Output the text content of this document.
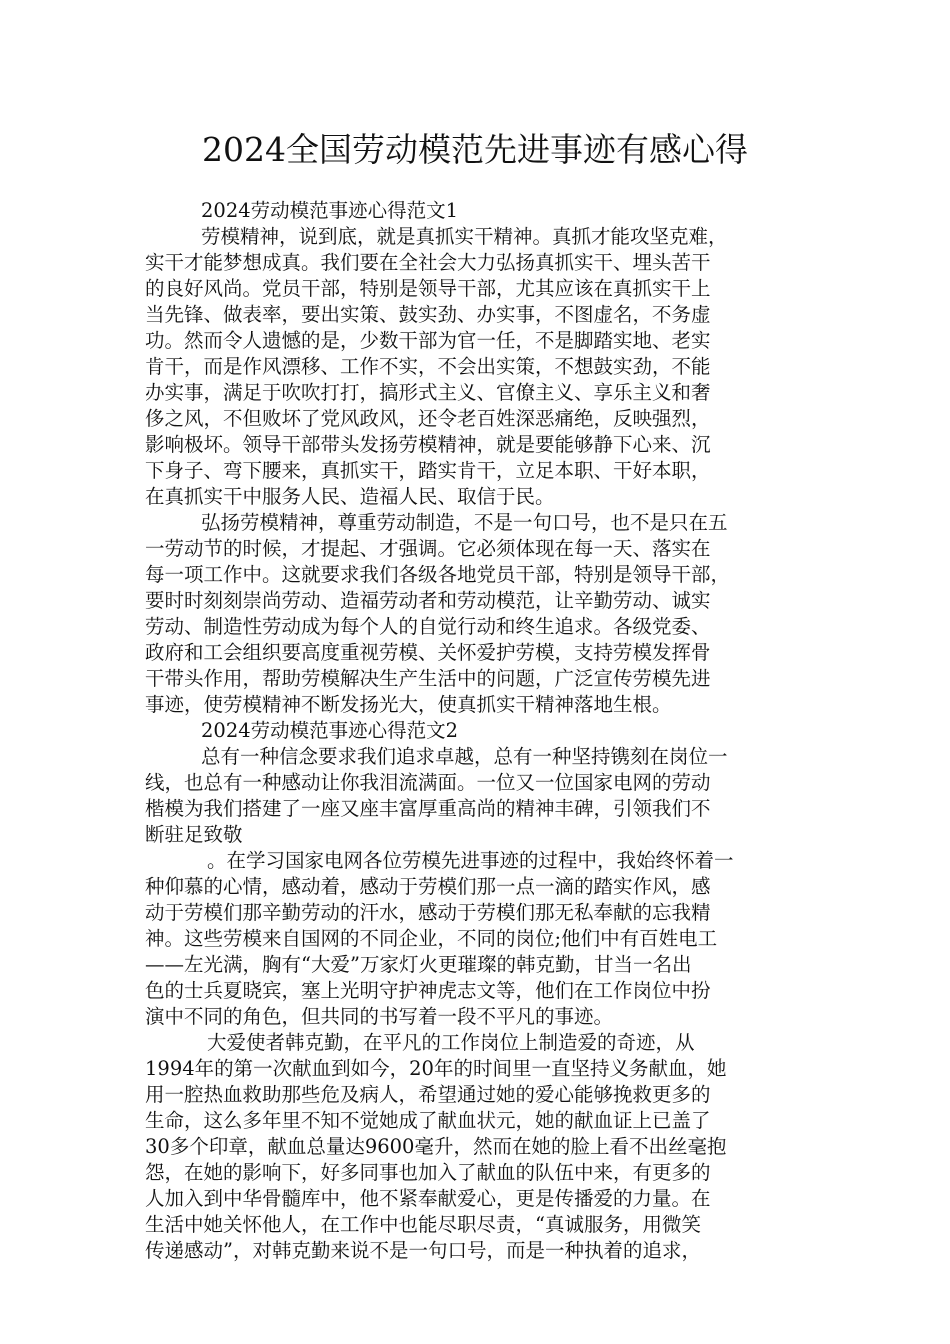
2024全国劳动模范先进事迹有感心得
2024劳动模范事迹心得范文1
劳模精神，说到底，就是真抓实干精神。真抓才能攻坚克难，
实干才能梦想成真。我们要在全社会大力弘扬真抓实干、埋头苦干
的良好风尚。党员干部，特别是领导干部，尤其应该在真抓实干上
当先锋、做表率，要出实策、鼓实劲、办实事，不图虚名，不务虚
功。然而令人遗憾的是，少数干部为官一任，不是脚踏实地、老实
肯干，而是作风漂移、工作不实，不会出实策，不想鼓实劲，不能
办实事，满足于吹吹打打，搞形式主义、官僚主义、享乐主义和奢
侈之风，不但败坏了党风政风，还令老百姓深恶痛绝，反映强烈，
影响极坏。领导干部带头发扬劳模精神，就是要能够静下心来、沉
下身子、弯下腰来，真抓实干，踏实肯干，立足本职、干好本职，
在真抓实干中服务人民、造福人民、取信于民。
弘扬劳模精神，尊重劳动制造，不是一句口号，也不是只在五
一劳动节的时候，才提起、才强调。它必须体现在每一天、落实在
每一项工作中。这就要求我们各级各地党员干部，特别是领导干部，
要时时刻刻崇尚劳动、造福劳动者和劳动模范，让辛勤劳动、诚实
劳动、制造性劳动成为每个人的自觉行动和终生追求。各级党委、
政府和工会组织要高度重视劳模、关怀爱护劳模，支持劳模发挥骨
干带头作用，帮助劳模解决生产生活中的问题，广泛宣传劳模先进
事迹，使劳模精神不断发扬光大，使真抓实干精神落地生根。
2024劳动模范事迹心得范文2
总有一种信念要求我们追求卓越，总有一种坚持镌刻在岗位一
线，也总有一种感动让你我泪流满面。一位又一位国家电网的劳动
楷模为我们搭建了一座又座丰富厚重高尚的精神丰碑，引领我们不
断驻足致敬
。在学习国家电网各位劳模先进事迹的过程中，我始终怀着一
种仰慕的心情，感动着，感动于劳模们那一点一滴的踏实作风，感
动于劳模们那辛勤劳动的汗水，感动于劳模们那无私奉献的忘我精
神。这些劳模来自国网的不同企业，不同的岗位;他们中有百姓电工
——左光满，胸有“大爱”万家灯火更璀璨的韩克勤，甘当一名出
色的士兵夏晓宾，塞上光明守护神虎志文等，他们在工作岗位中扮
演中不同的角色，但共同的书写着一段不平凡的事迹。
大爱使者韩克勤，在平凡的工作岗位上制造爱的奇迹，从
1994年的第一次献血到如今，20年的时间里一直坚持义务献血，她
用一腔热血救助那些危及病人，希望通过她的爱心能够挽救更多的
生命，这么多年里不知不觉她成了献血状元，她的献血证上已盖了
30多个印章，献血总量达9600毫升，然而在她的脸上看不出丝毫抱
怨，在她的影响下，好多同事也加入了献血的队伍中来，有更多的
人加入到中华骨髓库中，他不紧奉献爱心，更是传播爱的力量。在
生活中她关怀他人，在工作中也能尽职尽责，“真诚服务，用微笑
传递感动”，对韩克勤来说不是一句口号，而是一种执着的追求，
